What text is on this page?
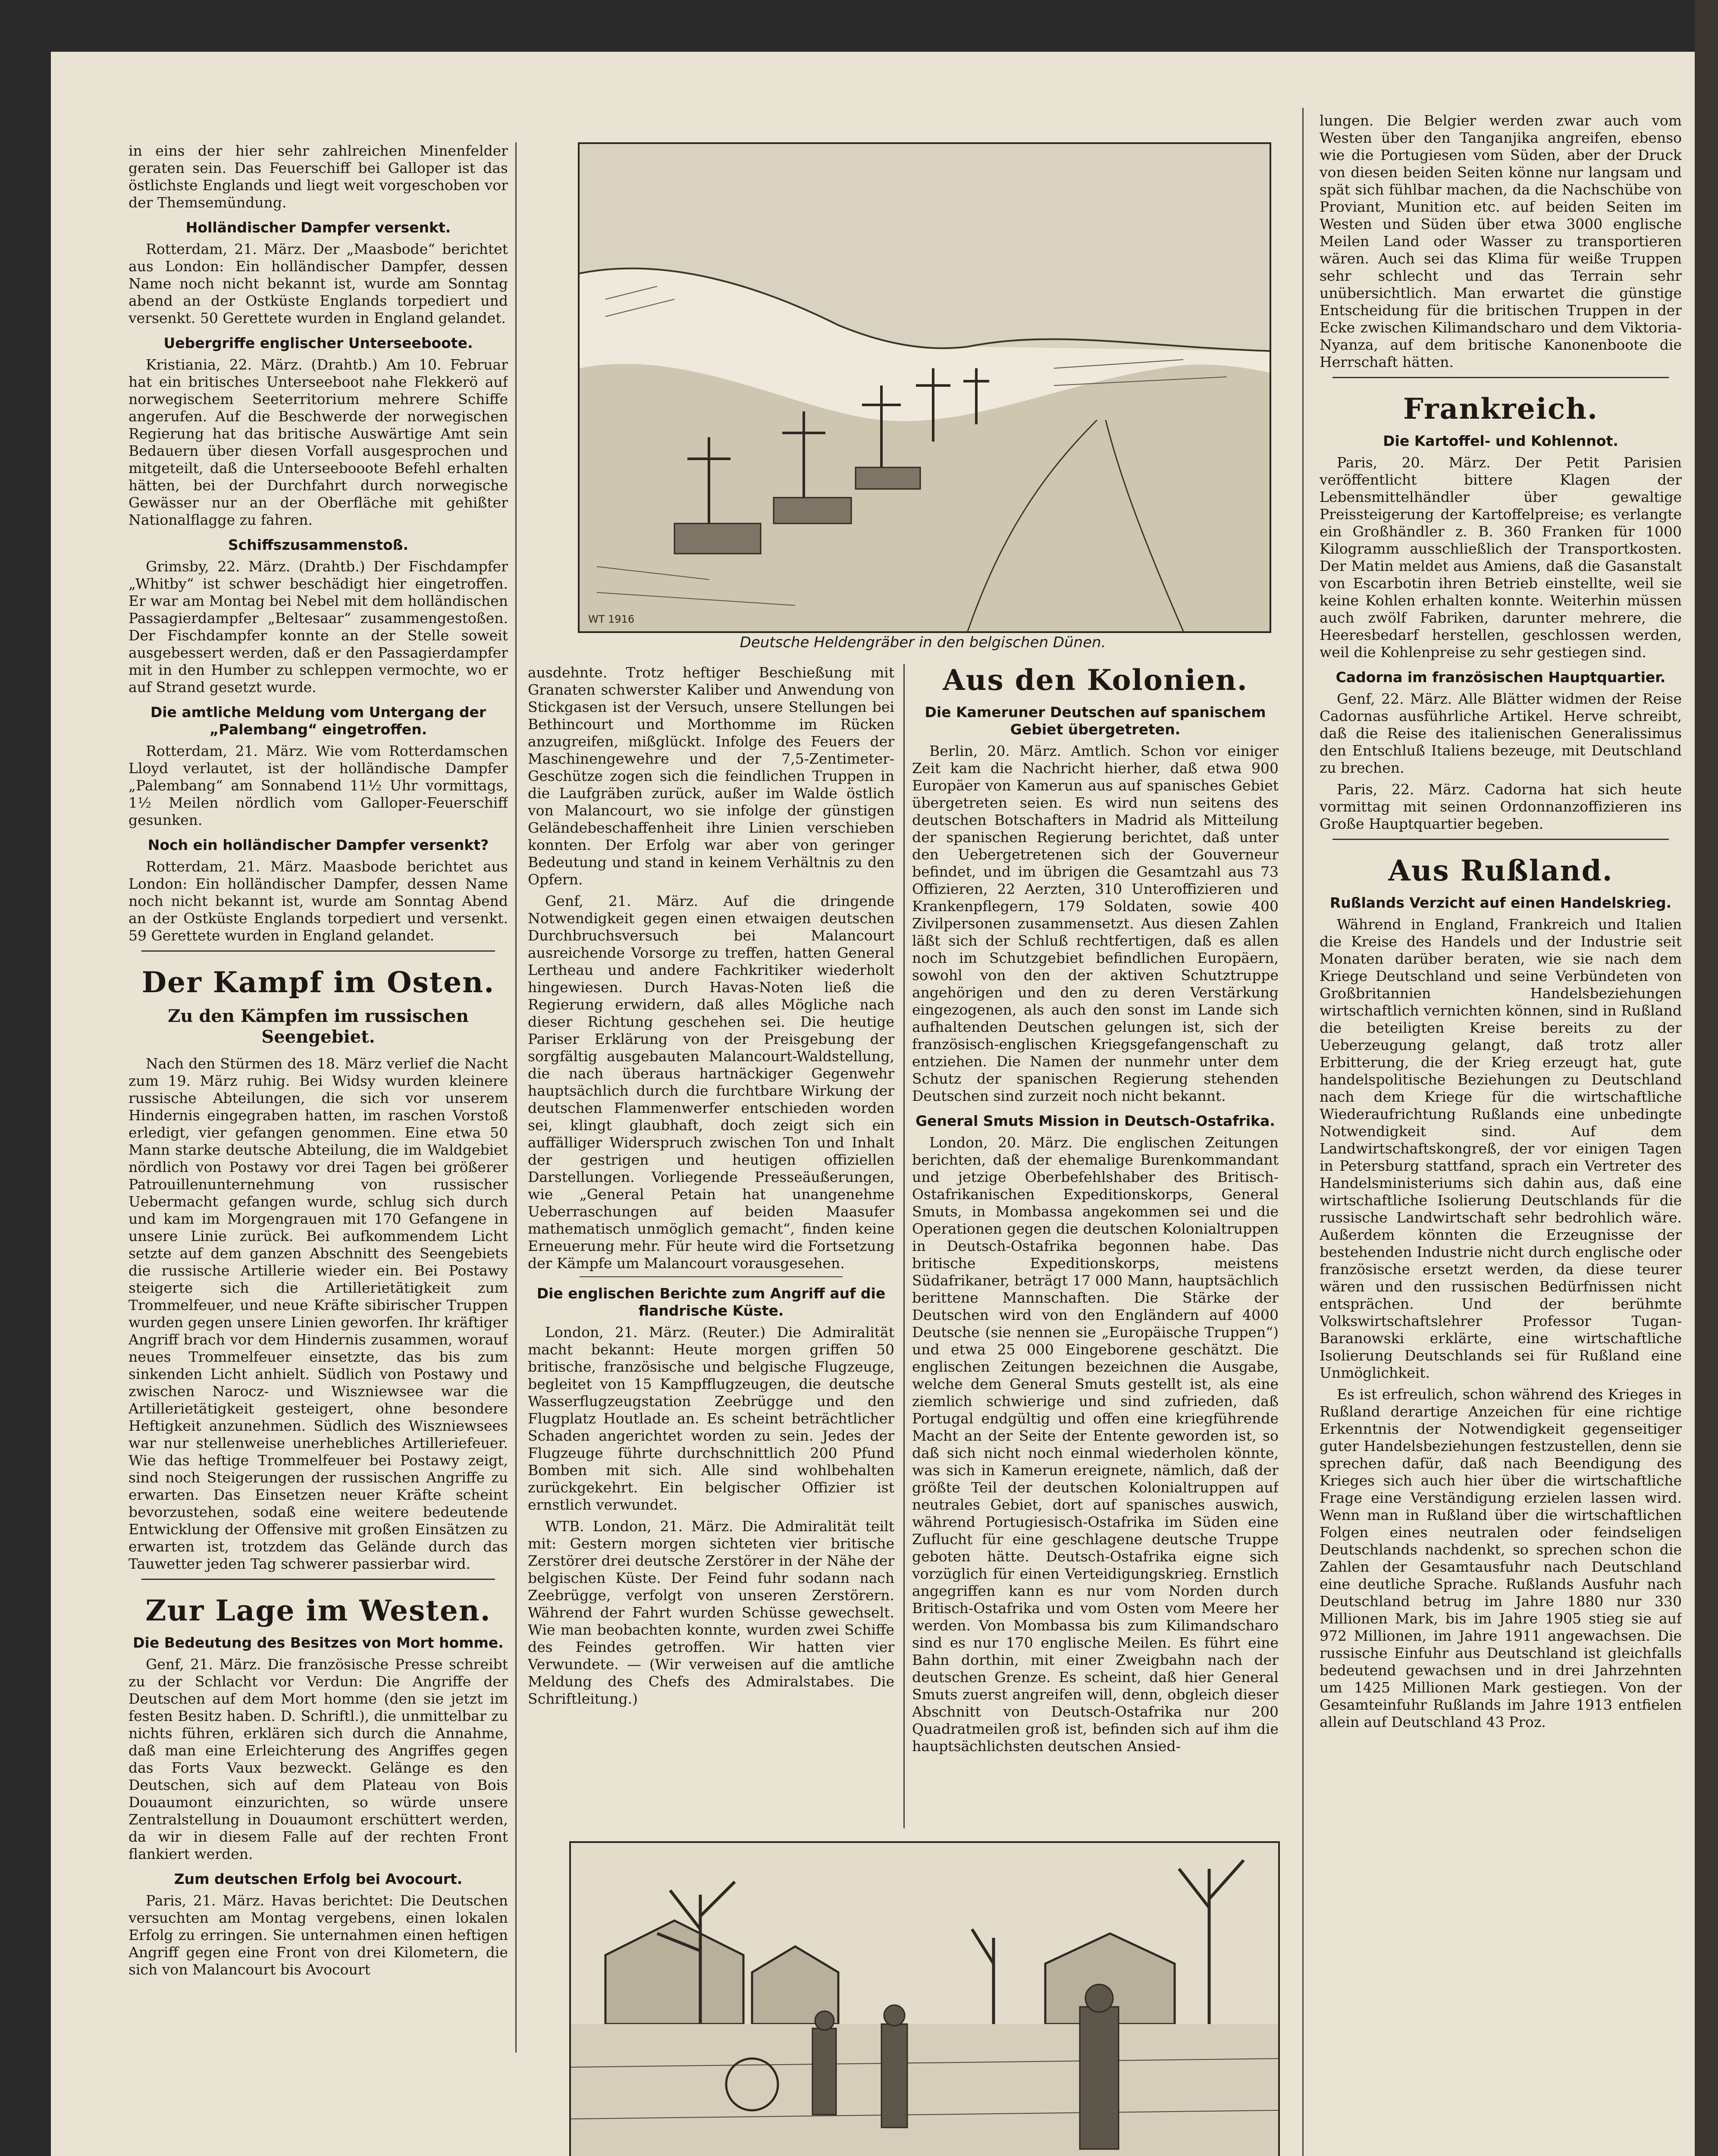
in eins der hier sehr zahlreichen Minenfelder geraten sein. Das Feuerschiff bei Galloper ist das östlichste Englands und liegt weit vorgeschoben vor der Themsemündung.

Holländischer Dampfer versenkt.

Rotterdam, 21. März. Der „Maasbode“ berichtet aus London: Ein holländischer Dampfer, dessen Name noch nicht bekannt ist, wurde am Sonntag abend an der Ostküste Englands torpediert und versenkt. 50 Gerettete wurden in England gelandet.

Uebergriffe englischer Unterseeboote.

Kristiania, 22. März. (Drahtb.) Am 10. Februar hat ein britisches Unterseeboot nahe Flekkerö auf norwegischem Seeterritorium mehrere Schiffe angerufen. Auf die Beschwerde der norwegischen Regierung hat das britische Auswärtige Amt sein Bedauern über diesen Vorfall ausgesprochen und mitgeteilt, daß die Unterseebooote Befehl erhalten hätten, bei der Durchfahrt durch norwegische Gewässer nur an der Oberfläche mit gehißter Nationalflagge zu fahren.

Schiffszusammenstoß.

Grimsby, 22. März. (Drahtb.) Der Fischdampfer „Whitby“ ist schwer beschädigt hier eingetroffen. Er war am Montag bei Nebel mit dem holländischen Passagierdampfer „Beltesaar“ zusammengestoßen. Der Fischdampfer konnte an der Stelle soweit ausgebessert werden, daß er den Passagierdampfer mit in den Humber zu schleppen vermochte, wo er auf Strand gesetzt wurde.

Die amtliche Meldung vom Untergang der „Palembang“ eingetroffen.

Rotterdam, 21. März. Wie vom Rotterdamschen Lloyd verlautet, ist der holländische Dampfer „Palembang“ am Sonnabend 11½ Uhr vormittags, 1½ Meilen nördlich vom Galloper-Feuerschiff gesunken.

Noch ein holländischer Dampfer versenkt?

Rotterdam, 21. März. Maasbode berichtet aus London: Ein holländischer Dampfer, dessen Name noch nicht bekannt ist, wurde am Sonntag Abend an der Ostküste Englands torpediert und versenkt. 59 Gerettete wurden in England gelandet.

Der Kampf im Osten.
Zu den Kämpfen im russischen Seengebiet.

Nach den Stürmen des 18. März verlief die Nacht zum 19. März ruhig. Bei Widsy wurden kleinere russische Abteilungen, die sich vor unserem Hindernis eingegraben hatten, im raschen Vorstoß erledigt, vier gefangen genommen. Eine etwa 50 Mann starke deutsche Abteilung, die im Waldgebiet nördlich von Postawy vor drei Tagen bei größerer Patrouillenunternehmung von russischer Uebermacht gefangen wurde, schlug sich durch und kam im Morgengrauen mit 170 Gefangene in unsere Linie zurück. Bei aufkommendem Licht setzte auf dem ganzen Abschnitt des Seengebiets die russische Artillerie wieder ein. Bei Postawy steigerte sich die Artillerietätigkeit zum Trommelfeuer, und neue Kräfte sibirischer Truppen wurden gegen unsere Linien geworfen. Ihr kräftiger Angriff brach vor dem Hindernis zusammen, worauf neues Trommelfeuer einsetzte, das bis zum sinkenden Licht anhielt. Südlich von Postawy und zwischen Narocz- und Wiszniewsee war die Artillerietätigkeit gesteigert, ohne besondere Heftigkeit anzunehmen. Südlich des Wiszniewsees war nur stellenweise unerhebliches Artilleriefeuer. Wie das heftige Trommelfeuer bei Postawy zeigt, sind noch Steigerungen der russischen Angriffe zu erwarten. Das Einsetzen neuer Kräfte scheint bevorzustehen, sodaß eine weitere bedeutende Entwicklung der Offensive mit großen Einsätzen zu erwarten ist, trotzdem das Gelände durch das Tauwetter jeden Tag schwerer passierbar wird.

Zur Lage im Westen.
Die Bedeutung des Besitzes von Mort homme.

Genf, 21. März. Die französische Presse schreibt zu der Schlacht vor Verdun: Die Angriffe der Deutschen auf dem Mort homme (den sie jetzt im festen Besitz haben. D. Schriftl.), die unmittelbar zu nichts führen, erklären sich durch die Annahme, daß man eine Erleichterung des Angriffes gegen das Forts Vaux bezweckt. Gelänge es den Deutschen, sich auf dem Plateau von Bois Douaumont einzurichten, so würde unsere Zentralstellung in Douaumont erschüttert werden, da wir in diesem Falle auf der rechten Front flankiert werden.

Zum deutschen Erfolg bei Avocourt.

Paris, 21. März. Havas berichtet: Die Deutschen versuchten am Montag vergebens, einen lokalen Erfolg zu erringen. Sie unternahmen einen heftigen Angriff gegen eine Front von drei Kilometern, die sich von Malancourt bis Avocourt

WT 1916
Deutsche Heldengräber in den belgischen Dünen.

ausdehnte. Trotz heftiger Beschießung mit Granaten schwerster Kaliber und Anwendung von Stickgasen ist der Versuch, unsere Stellungen bei Bethincourt und Morthomme im Rücken anzugreifen, mißglückt. Infolge des Feuers der Maschinengewehre und der 7,5-Zentimeter-Geschütze zogen sich die feindlichen Truppen in die Laufgräben zurück, außer im Walde östlich von Malancourt, wo sie infolge der günstigen Geländebeschaffenheit ihre Linien verschieben konnten. Der Erfolg war aber von geringer Bedeutung und stand in keinem Verhältnis zu den Opfern.

Genf, 21. März. Auf die dringende Notwendigkeit gegen einen etwaigen deutschen Durchbruchsversuch bei Malancourt ausreichende Vorsorge zu treffen, hatten General Lertheau und andere Fachkritiker wiederholt hingewiesen. Durch Havas-Noten ließ die Regierung erwidern, daß alles Mögliche nach dieser Richtung geschehen sei. Die heutige Pariser Erklärung von der Preisgebung der sorgfältig ausgebauten Malancourt-Waldstellung, die nach überaus hartnäckiger Gegenwehr hauptsächlich durch die furchtbare Wirkung der deutschen Flammenwerfer entschieden worden sei, klingt glaubhaft, doch zeigt sich ein auffälliger Widerspruch zwischen Ton und Inhalt der gestrigen und heutigen offiziellen Darstellungen. Vorliegende Presseäußerungen, wie „General Petain hat unangenehme Ueberraschungen auf beiden Maasufer mathematisch unmöglich gemacht“, finden keine Erneuerung mehr. Für heute wird die Fortsetzung der Kämpfe um Malancourt vorausgesehen.

Die englischen Berichte zum Angriff auf die flandrische Küste.

London, 21. März. (Reuter.) Die Admiralität macht bekannt: Heute morgen griffen 50 britische, französische und belgische Flugzeuge, begleitet von 15 Kampfflugzeugen, die deutsche Wasserflugzeugstation Zeebrügge und den Flugplatz Houtlade an. Es scheint beträchtlicher Schaden angerichtet worden zu sein. Jedes der Flugzeuge führte durchschnittlich 200 Pfund Bomben mit sich. Alle sind wohlbehalten zurückgekehrt. Ein belgischer Offizier ist ernstlich verwundet.

WTB. London, 21. März. Die Admiralität teilt mit: Gestern morgen sichteten vier britische Zerstörer drei deutsche Zerstörer in der Nähe der belgischen Küste. Der Feind fuhr sodann nach Zeebrügge, verfolgt von unseren Zerstörern. Während der Fahrt wurden Schüsse gewechselt. Wie man beobachten konnte, wurden zwei Schiffe des Feindes getroffen. Wir hatten vier Verwundete. — (Wir verweisen auf die amtliche Meldung des Chefs des Admiralstabes. Die Schriftleitung.)

Aus den Kolonien.
Die Kameruner Deutschen auf spanischem Gebiet übergetreten.

Berlin, 20. März. Amtlich. Schon vor einiger Zeit kam die Nachricht hierher, daß etwa 900 Europäer von Kamerun aus auf spanisches Gebiet übergetreten seien. Es wird nun seitens des deutschen Botschafters in Madrid als Mitteilung der spanischen Regierung berichtet, daß unter den Uebergetretenen sich der Gouverneur befindet, und im übrigen die Gesamtzahl aus 73 Offizieren, 22 Aerzten, 310 Unteroffizieren und Krankenpflegern, 179 Soldaten, sowie 400 Zivilpersonen zusammensetzt. Aus diesen Zahlen läßt sich der Schluß rechtfertigen, daß es allen noch im Schutzgebiet befindlichen Europäern, sowohl von den der aktiven Schutztruppe angehörigen und den zu deren Verstärkung eingezogenen, als auch den sonst im Lande sich aufhaltenden Deutschen gelungen ist, sich der französisch-englischen Kriegsgefangenschaft zu entziehen. Die Namen der nunmehr unter dem Schutz der spanischen Regierung stehenden Deutschen sind zurzeit noch nicht bekannt.

General Smuts Mission in Deutsch-Ostafrika.

London, 20. März. Die englischen Zeitungen berichten, daß der ehemalige Burenkommandant und jetzige Oberbefehlshaber des Britisch-Ostafrikanischen Expeditionskorps, General Smuts, in Mombassa angekommen sei und die Operationen gegen die deutschen Kolonialtruppen in Deutsch-Ostafrika begonnen habe. Das britische Expeditionskorps, meistens Südafrikaner, beträgt 17 000 Mann, hauptsächlich berittene Mannschaften. Die Stärke der Deutschen wird von den Engländern auf 4000 Deutsche (sie nennen sie „Europäische Truppen“) und etwa 25 000 Eingeborene geschätzt. Die englischen Zeitungen bezeichnen die Ausgabe, welche dem General Smuts gestellt ist, als eine ziemlich schwierige und sind zufrieden, daß Portugal endgültig und offen eine kriegführende Macht an der Seite der Entente geworden ist, so daß sich nicht noch einmal wiederholen könnte, was sich in Kamerun ereignete, nämlich, daß der größte Teil der deutschen Kolonialtruppen auf neutrales Gebiet, dort auf spanisches auswich, während Portugiesisch-Ostafrika im Süden eine Zuflucht für eine geschlagene deutsche Truppe geboten hätte. Deutsch-Ostafrika eigne sich vorzüglich für einen Verteidigungskrieg. Ernstlich angegriffen kann es nur vom Norden durch Britisch-Ostafrika und vom Osten vom Meere her werden. Von Mombassa bis zum Kilimandscharo sind es nur 170 englische Meilen. Es führt eine Bahn dorthin, mit einer Zweigbahn nach der deutschen Grenze. Es scheint, daß hier General Smuts zuerst angreifen will, denn, obgleich dieser Abschnitt von Deutsch-Ostafrika nur 200 Quadratmeilen groß ist, befinden sich auf ihm die hauptsächlichsten deutschen Ansied-

lungen. Die Belgier werden zwar auch vom Westen über den Tanganjika angreifen, ebenso wie die Portugiesen vom Süden, aber der Druck von diesen beiden Seiten könne nur langsam und spät sich fühlbar machen, da die Nachschübe von Proviant, Munition etc. auf beiden Seiten im Westen und Süden über etwa 3000 englische Meilen Land oder Wasser zu transportieren wären. Auch sei das Klima für weiße Truppen sehr schlecht und das Terrain sehr unübersichtlich. Man erwartet die günstige Entscheidung für die britischen Truppen in der Ecke zwischen Kilimandscharo und dem Viktoria-Nyanza, auf dem britische Kanonenboote die Herrschaft hätten.

Frankreich.
Die Kartoffel- und Kohlennot.

Paris, 20. März. Der Petit Parisien veröffentlicht bittere Klagen der Lebensmittelhändler über gewaltige Preissteigerung der Kartoffelpreise; es verlangte ein Großhändler z. B. 360 Franken für 1000 Kilogramm ausschließlich der Transportkosten. Der Matin meldet aus Amiens, daß die Gasanstalt von Escarbotin ihren Betrieb einstellte, weil sie keine Kohlen erhalten konnte. Weiterhin müssen auch zwölf Fabriken, darunter mehrere, die Heeresbedarf herstellen, geschlossen werden, weil die Kohlenpreise zu sehr gestiegen sind.

Cadorna im französischen Hauptquartier.

Genf, 22. März. Alle Blätter widmen der Reise Cadornas ausführliche Artikel. Herve schreibt, daß die Reise des italienischen Generalissimus den Entschluß Italiens bezeuge, mit Deutschland zu brechen.

Paris, 22. März. Cadorna hat sich heute vormittag mit seinen Ordonnanzoffizieren ins Große Hauptquartier begeben.

Aus Rußland.
Rußlands Verzicht auf einen Handelskrieg.

Während in England, Frankreich und Italien die Kreise des Handels und der Industrie seit Monaten darüber beraten, wie sie nach dem Kriege Deutschland und seine Verbündeten von Großbritannien Handelsbeziehungen wirtschaftlich vernichten können, sind in Rußland die beteiligten Kreise bereits zu der Ueberzeugung gelangt, daß trotz aller Erbitterung, die der Krieg erzeugt hat, gute handelspolitische Beziehungen zu Deutschland nach dem Kriege für die wirtschaftliche Wiederaufrichtung Rußlands eine unbedingte Notwendigkeit sind. Auf dem Landwirtschaftskongreß, der vor einigen Tagen in Petersburg stattfand, sprach ein Vertreter des Handelsministeriums sich dahin aus, daß eine wirtschaftliche Isolierung Deutschlands für die russische Landwirtschaft sehr bedrohlich wäre. Außerdem könnten die Erzeugnisse der bestehenden Industrie nicht durch englische oder französische ersetzt werden, da diese teurer wären und den russischen Bedürfnissen nicht entsprächen. Und der berühmte Volkswirtschaftslehrer Professor Tugan-Baranowski erklärte, eine wirtschaftliche Isolierung Deutschlands sei für Rußland eine Unmöglichkeit.

Es ist erfreulich, schon während des Krieges in Rußland derartige Anzeichen für eine richtige Erkenntnis der Notwendigkeit gegenseitiger guter Handelsbeziehungen festzustellen, denn sie sprechen dafür, daß nach Beendigung des Krieges sich auch hier über die wirtschaftliche Frage eine Verständigung erzielen lassen wird. Wenn man in Rußland über die wirtschaftlichen Folgen eines neutralen oder feindseligen Deutschlands nachdenkt, so sprechen schon die Zahlen der Gesamtausfuhr nach Deutschland eine deutliche Sprache. Rußlands Ausfuhr nach Deutschland betrug im Jahre 1880 nur 330 Millionen Mark, bis im Jahre 1905 stieg sie auf 972 Millionen, im Jahre 1911 angewachsen. Die russische Einfuhr aus Deutschland ist gleichfalls bedeutend gewachsen und in drei Jahrzehnten um 1425 Millionen Mark gestiegen. Von der Gesamteinfuhr Rußlands im Jahre 1913 entfielen allein auf Deutschland 43 Proz.
